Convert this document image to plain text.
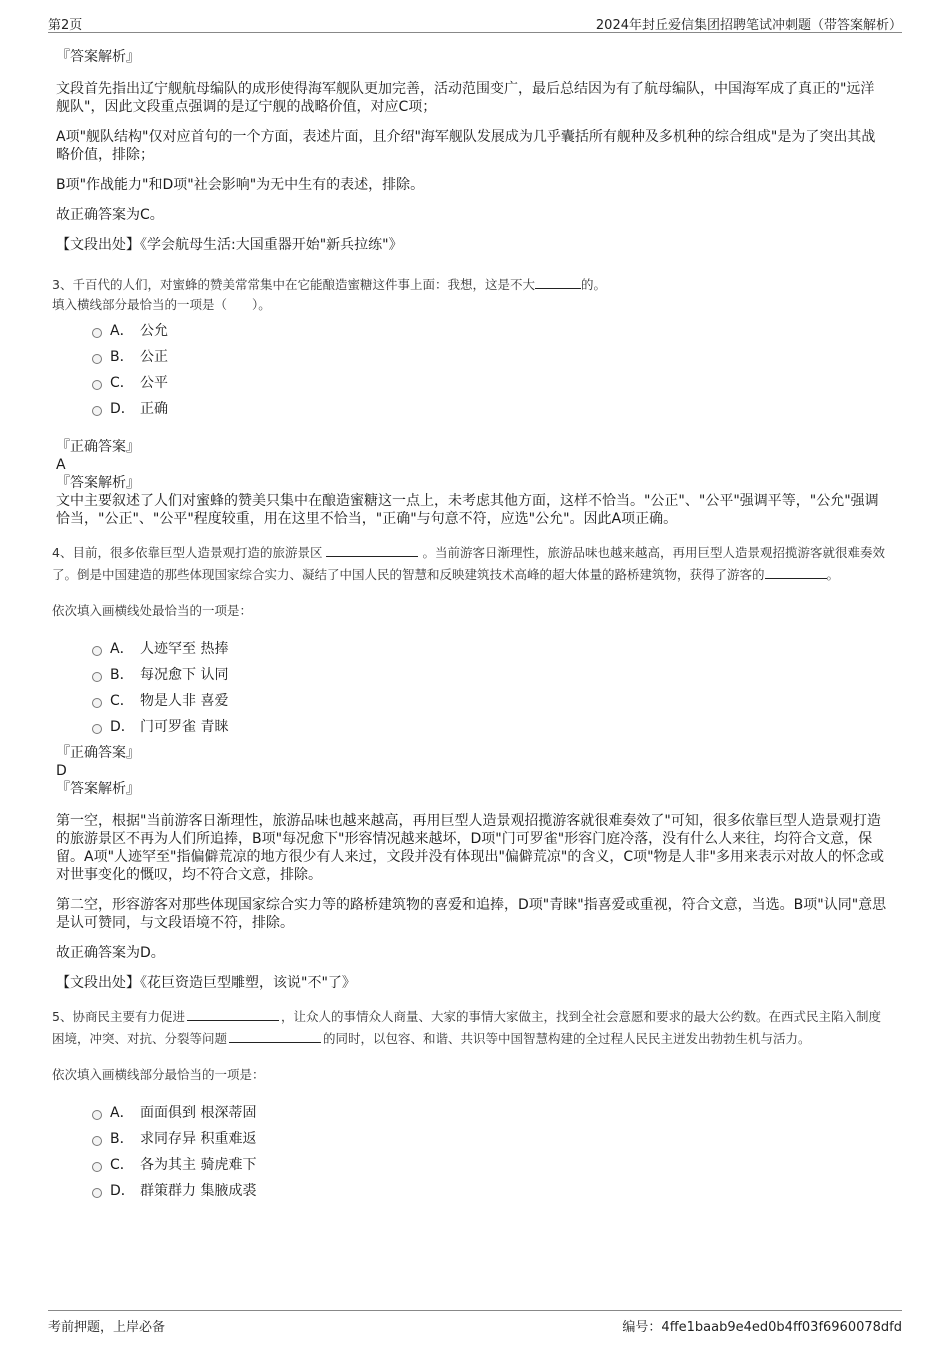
第2页	2024年封丘爱信集团招聘笔试冲刺题（带答案解析）
『答案解析』

文段首先指出辽宁舰航母编队的成形使得海军舰队更加完善，活动范围变广，最后总结因为有了航母编队，中国海军成了真正的"远洋舰队"，因此文段重点强调的是辽宁舰的战略价值，对应C项；

A项"舰队结构"仅对应首句的一个方面，表述片面，且介绍"海军舰队发展成为几乎囊括所有舰种及多机种的综合组成"是为了突出其战略价值，排除；

B项"作战能力"和D项"社会影响"为无中生有的表述，排除。

故正确答案为C。

【文段出处】《学会航母生活:大国重器开始"新兵拉练"》

3、千百代的人们，对蜜蜂的赞美常常集中在它能酿造蜜糖这件事上面：我想，这是不大	的。
填入横线部分最恰当的一项是（　　）。
A． 公允
B． 公正
C． 公平
D． 正确
『正确答案』
A
『答案解析』

文中主要叙述了人们对蜜蜂的赞美只集中在酿造蜜糖这一点上，未考虑其他方面，这样不恰当。"公正"、"公平"强调平等，"公允"强调恰当，"公正"、"公平"程度较重，用在这里不恰当，"正确"与句意不符，应选"公允"。因此A项正确。

4、目前，很多依靠巨型人造景观打造的旅游景区	。当前游客日渐理性，旅游品味也越来越高，再用巨型人造景观招揽游客就很难奏效了。倒是中国建造的那些体现国家综合实力、凝结了中国人民的智慧和反映建筑技术高峰的超大体量的路桥建筑物，获得了游客的	。
依次填入画横线处最恰当的一项是：
A． 人迹罕至 热捧
B． 每况愈下 认同
C． 物是人非 喜爱
D． 门可罗雀 青睐
『正确答案』
D
『答案解析』

第一空，根据"当前游客日渐理性，旅游品味也越来越高，再用巨型人造景观招揽游客就很难奏效了"可知，很多依靠巨型人造景观打造的旅游景区不再为人们所追捧，B项"每况愈下"形容情况越来越坏，D项"门可罗雀"形容门庭冷落，没有什么人来往，均符合文意，保留。A项"人迹罕至"指偏僻荒凉的地方很少有人来过，文段并没有体现出"偏僻荒凉"的含义，C项"物是人非"多用来表示对故人的怀念或对世事变化的慨叹，均不符合文意，排除。

第二空，形容游客对那些体现国家综合实力等的路桥建筑物的喜爱和追捧，D项"青睐"指喜爱或重视，符合文意，当选。B项"认同"意思是认可赞同，与文段语境不符，排除。

故正确答案为D。

【文段出处】《花巨资造巨型雕塑，该说"不"了》

5、协商民主要有力促进	，让众人的事情众人商量、大家的事情大家做主，找到全社会意愿和要求的最大公约数。在西式民主陷入制度困境，冲突、对抗、分裂等问题	的同时，以包容、和谐、共识等中国智慧构建的全过程人民民主迸发出勃勃生机与活力。
依次填入画横线部分最恰当的一项是：
A． 面面俱到 根深蒂固
B． 求同存异 积重难返
C． 各为其主 骑虎难下
D． 群策群力 集腋成裘
考前押题，上岸必备	编号：4ffe1baab9e4ed0b4ff03f6960078dfd
